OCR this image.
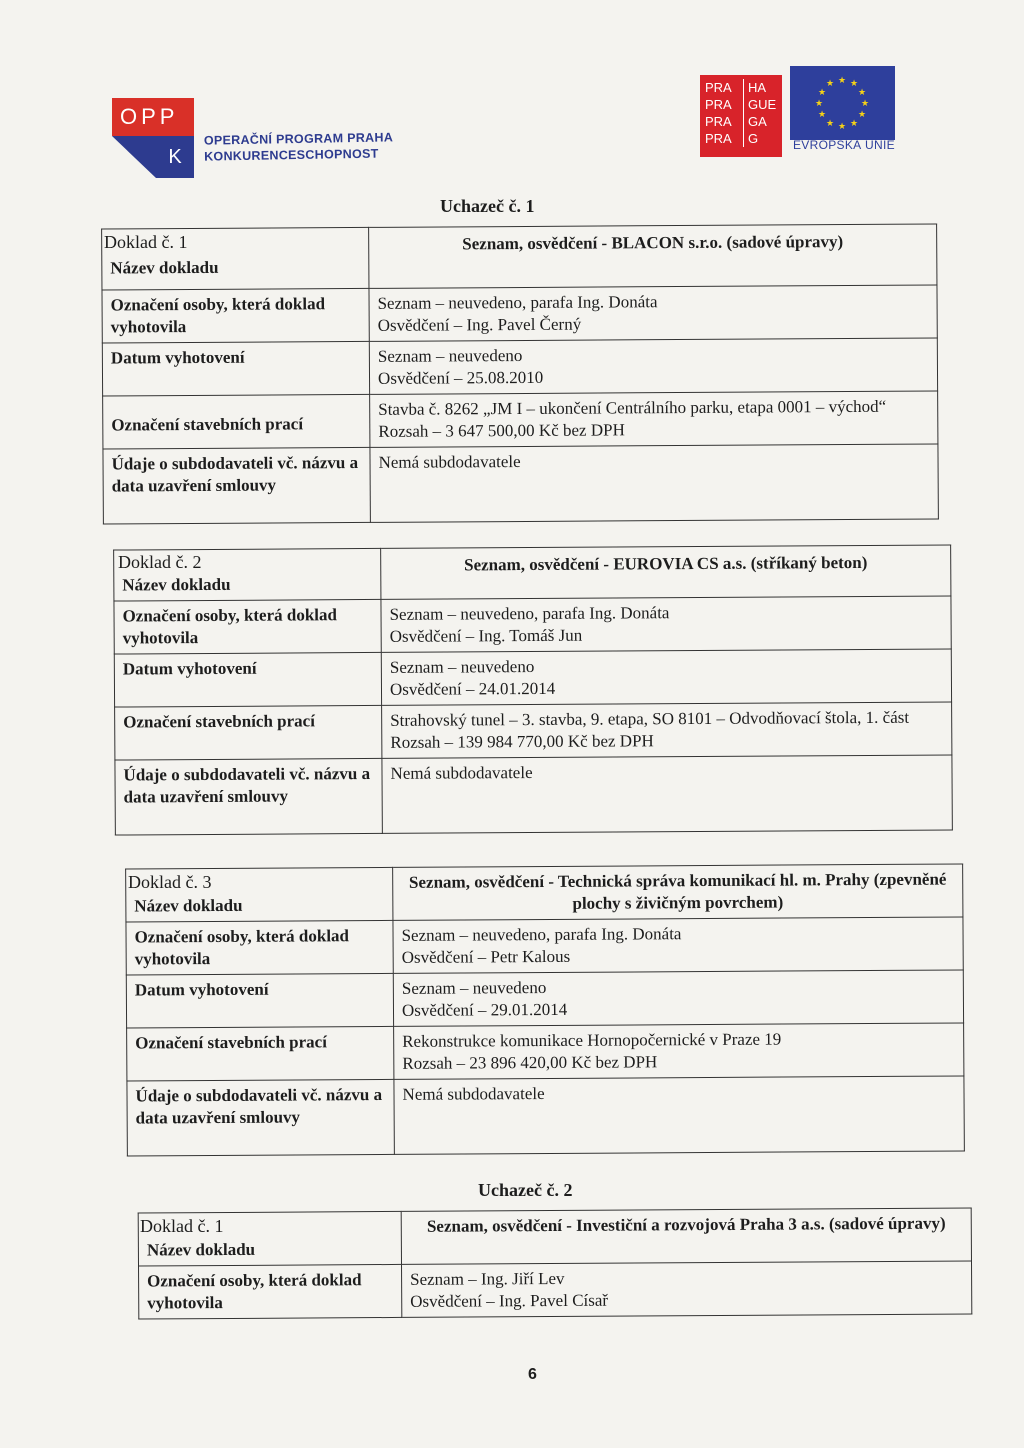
OPP
K
OPERAČNÍ PROGRAM PRAHA
KONKURENCESCHOPNOST
PRA	HA
PRA	GUE
PRA	GA
PRA	G
★ ★
★
★
★
★
★
★
★
★
★
★
EVROPSKÁ UNIE
Uchazeč č. 1
Doklad č. 1
Název dokladu	Seznam, osvědčení - BLACON s.r.o. (sadové úpravy)
Označení osoby, která doklad vyhotovila	Seznam – neuvedeno, parafa Ing. Donáta
Osvědčení – Ing. Pavel Černý

Datum vyhotovení	Seznam – neuvedeno
Osvědčení – 25.08.2010

Označení stavebních prací	Stavba č. 8262 „JM I – ukončení Centrálního parku, etapa 0001 – východ“
Rozsah – 3 647 500,00 Kč bez DPH

Údaje o subdodavateli vč. názvu a data uzavření smlouvy	Nemá subdodavatele
Doklad č. 2
Název dokladu	Seznam, osvědčení - EUROVIA CS a.s. (stříkaný beton)
Označení osoby, která doklad vyhotovila	Seznam – neuvedeno, parafa Ing. Donáta
Osvědčení – Ing. Tomáš Jun

Datum vyhotovení	Seznam – neuvedeno
Osvědčení – 24.01.2014

Označení stavebních prací	Strahovský tunel – 3. stavba, 9. etapa, SO 8101 – Odvodňovací štola, 1. část
Rozsah – 139 984 770,00 Kč bez DPH

Údaje o subdodavateli vč. názvu a data uzavření smlouvy	Nemá subdodavatele
Doklad č. 3
Název dokladu	Seznam, osvědčení - Technická správa komunikací hl. m. Prahy (zpevněné plochy s živičným povrchem)
Označení osoby, která doklad vyhotovila	Seznam – neuvedeno, parafa Ing. Donáta
Osvědčení – Petr Kalous

Datum vyhotovení	Seznam – neuvedeno
Osvědčení – 29.01.2014

Označení stavebních prací	Rekonstrukce komunikace Hornopočernické v Praze 19
Rozsah – 23 896 420,00 Kč bez DPH

Údaje o subdodavateli vč. názvu a data uzavření smlouvy	Nemá subdodavatele
Uchazeč č. 2
Doklad č. 1
Název dokladu	Seznam, osvědčení - Investiční a rozvojová Praha 3 a.s. (sadové úpravy)
Označení osoby, která doklad vyhotovila	Seznam – Ing. Jiří Lev
Osvědčení – Ing. Pavel Císař
6
